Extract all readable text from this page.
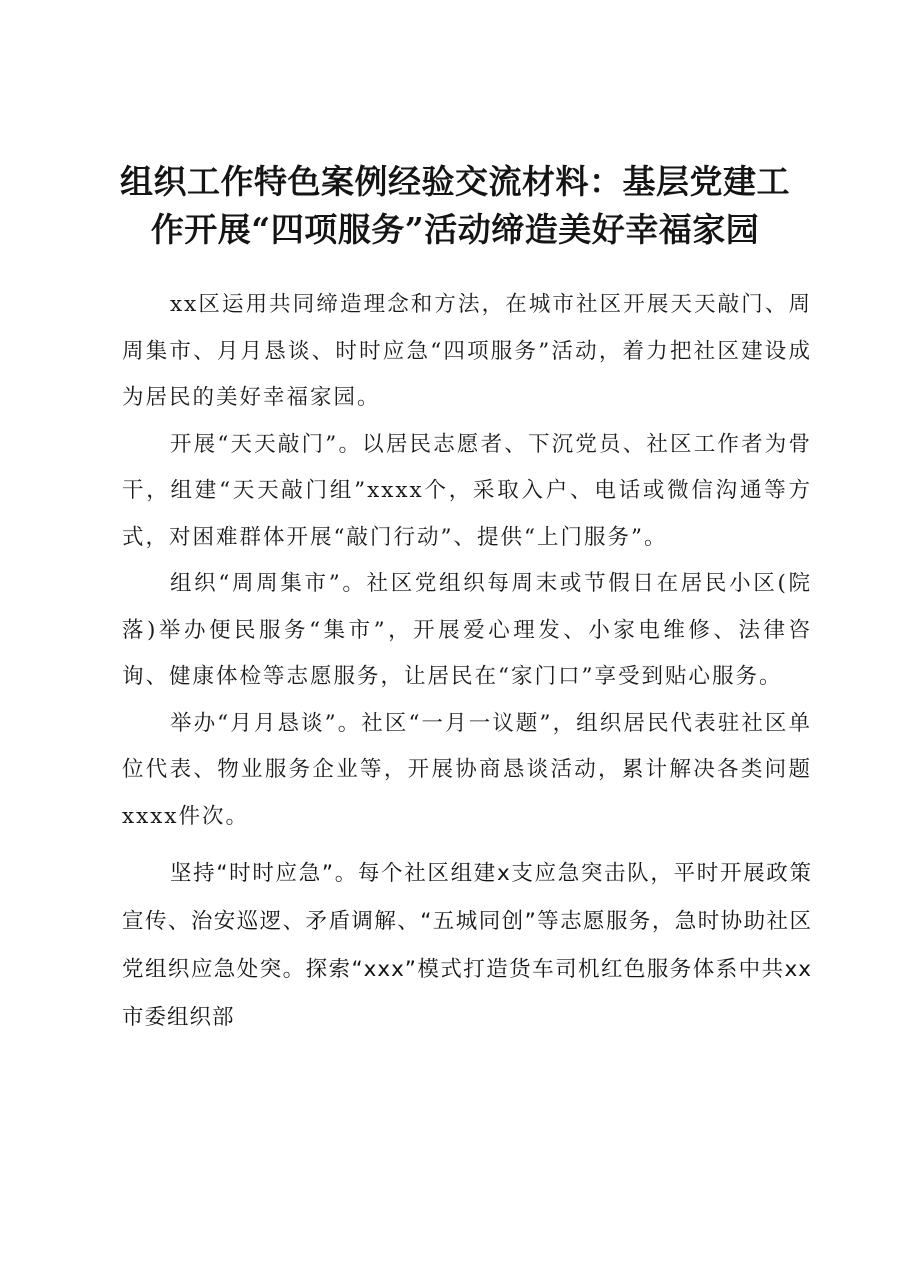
组织工作特色案例经验交流材料：基层党建工
作开展“四项服务”活动缔造美好幸福家园

xx区运用共同缔造理念和方法，在城市社区开展天天敲门、周周集市、月月恳谈、时时应急“四项服务”活动，着力把社区建设成为居民的美好幸福家园。

开展“天天敲门”。以居民志愿者、下沉党员、社区工作者为骨干，组建“天天敲门组”xxxx个，采取入户、电话或微信沟通等方式，对困难群体开展“敲门行动”、提供“上门服务”。

组织“周周集市”。社区党组织每周末或节假日在居民小区(院落)举办便民服务“集市”，开展爱心理发、小家电维修、法律咨询、健康体检等志愿服务，让居民在“家门口”享受到贴心服务。

举办“月月恳谈”。社区“一月一议题”，组织居民代表驻社区单位代表、物业服务企业等，开展协商恳谈活动，累计解决各类问题xxxx件次。

坚持“时时应急”。每个社区组建x支应急突击队，平时开展政策宣传、治安巡逻、矛盾调解、“五城同创”等志愿服务，急时协助社区党组织应急处突。探索“xxx”模式打造货车司机红色服务体系中共xx市委组织部
